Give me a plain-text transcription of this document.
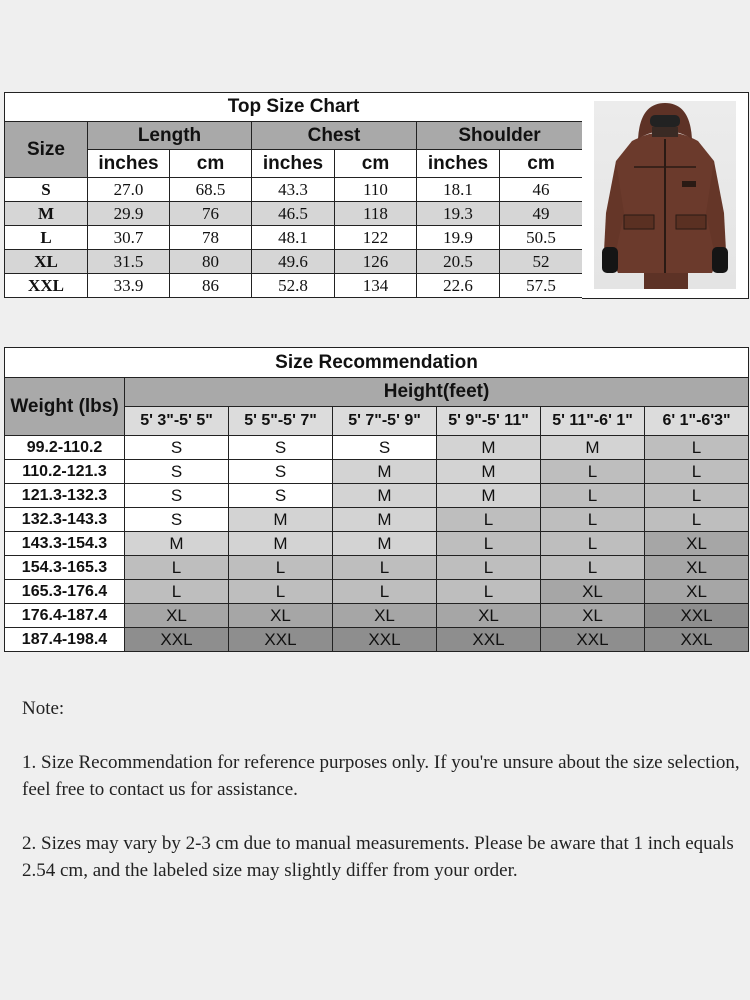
Top Size Chart						
Size	Length		Chest		Shoulder	
	inches	cm	inches	cm	inches	cm
S	27.0	68.5	43.3	110	18.1	46
M	29.9	76	46.5	118	19.3	49
L	30.7	78	48.1	122	19.9	50.5
XL	31.5	80	49.6	126	20.5	52
XXL	33.9	86	52.8	134	22.6	57.5
Size Recommendation						
Weight (lbs)	Height(feet)					
	5' 3"-5' 5"	5' 5"-5' 7"	5' 7"-5' 9"	5' 9"-5' 11"	5' 11"-6' 1"	6' 1"-6'3"
99.2-110.2	S	S	S	M	M	L
110.2-121.3	S	S	M	M	L	L
121.3-132.3	S	S	M	M	L	L
132.3-143.3	S	M	M	L	L	L
143.3-154.3	M	M	M	L	L	XL
154.3-165.3	L	L	L	L	L	XL
165.3-176.4	L	L	L	L	XL	XL
176.4-187.4	XL	XL	XL	XL	XL	XXL
187.4-198.4	XXL	XXL	XXL	XXL	XXL	XXL

Note:

1. Size Recommendation for reference purposes only. If you're unsure about the size selection, feel free to contact us for assistance.

2. Sizes may vary by 2-3 cm due to manual measurements. Please be aware that 1 inch equals 2.54 cm, and the labeled size may slightly differ from your order.
